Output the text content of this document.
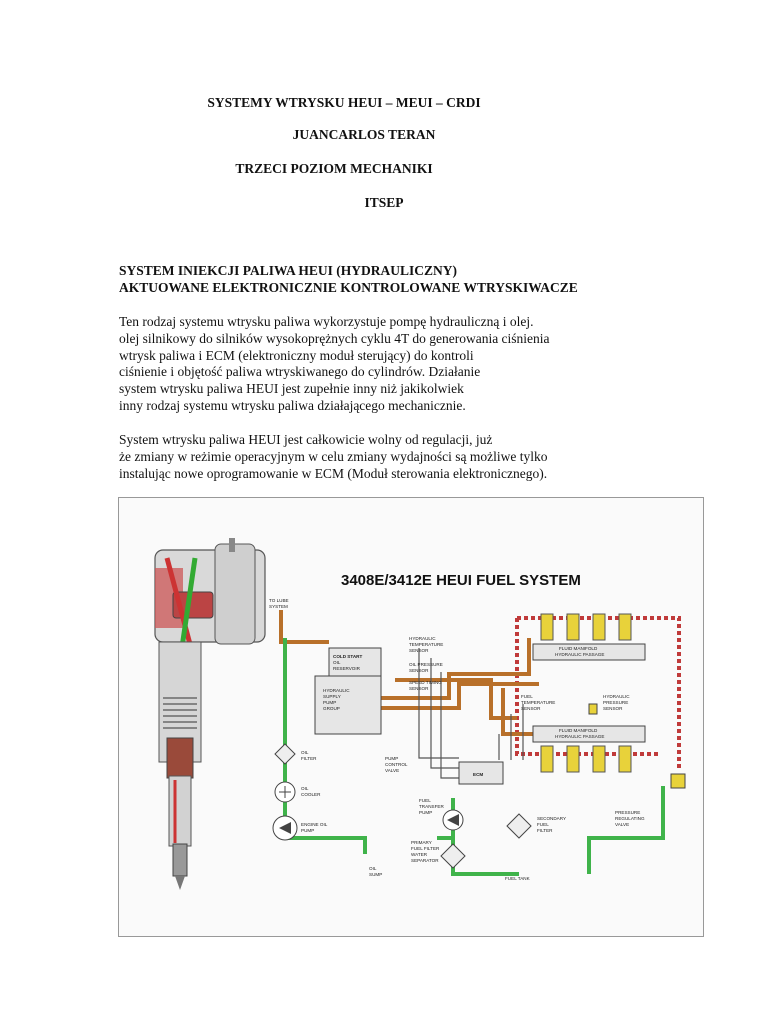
SYSTEMY WTRYSKU HEUI – MEUI – CRDI
JUANCARLOS TERAN
TRZECI POZIOM MECHANIKI
ITSEP
SYSTEM INIEKCJI PALIWA HEUI (HYDRAULICZNY)
AKTUOWANE ELEKTRONICZNIE KONTROLOWANE WTRYSKIWACZE
Ten rodzaj systemu wtrysku paliwa wykorzystuje pompę hydrauliczną i olej.
olej silnikowy do silników wysokoprężnych cyklu 4T do generowania ciśnienia
wtrysk paliwa i ECM (elektroniczny moduł sterujący) do kontroli
ciśnienie i objętość paliwa wtryskiwanego do cylindrów. Działanie
system wtrysku paliwa HEUI jest zupełnie inny niż jakikolwiek
inny rodzaj systemu wtrysku paliwa działającego mechanicznie.
System wtrysku paliwa HEUI jest całkowicie wolny od regulacji, już
że zmiany w reżimie operacyjnym w celu zmiany wydajności są możliwe tylko
instalując nowe oprogramowanie w ECM (Moduł sterowania elektronicznego).
3408E/3412E HEUI FUEL SYSTEM
COLD START
OIL
RESERVOIR
HYDRAULIC
SUPPLY
PUMP
GROUP
TO LUBE
SYSTEM
HYDRAULIC
TEMPERATURE
SENSOR
OIL PRESSURE
SENSOR
SPEED TIMING
SENSOR
OIL
FILTER
OIL
COOLER
ENGINE OIL
PUMP
PUMP
CONTROL
VALVE
OIL
SUMP
ECM
FUEL
TRANSFER
PUMP
PRIMARY
FUEL FILTER
WATER
SEPARATOR
FUEL TANK
SECONDARY
FUEL
FILTER
PRESSURE
REGULATING
VALVE
FLUID MANIFOLD
HYDRAULIC PASSAGE
FLUID MANIFOLD
HYDRAULIC PASSAGE
FUEL
TEMPERATURE
SENSOR
HYDRAULIC
PRESSURE
SENSOR
